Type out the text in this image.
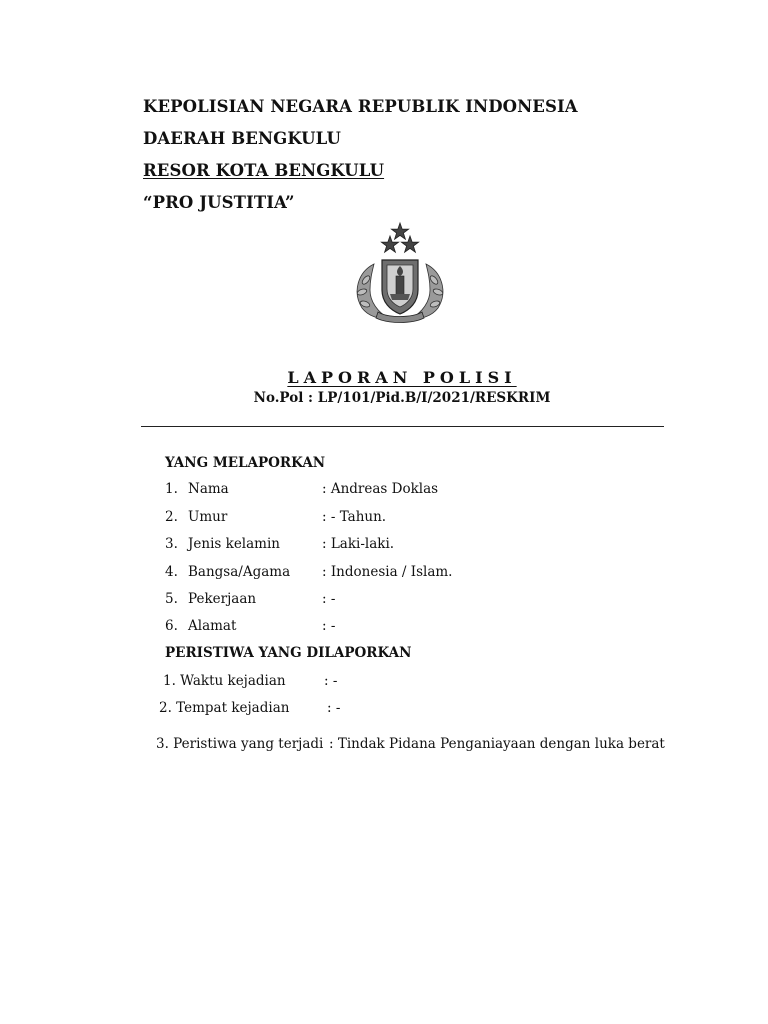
KEPOLISIAN NEGARA REPUBLIK INDONESIA
DAERAH BENGKULU
RESOR KOTA BENGKULU
“PRO JUSTITIA”
LAPORAN POLISI
No.Pol : LP/101/Pid.B/I/2021/RESKRIM
YANG MELAPORKAN
1. Nama	: Andreas Doklas
2. Umur	: - Tahun.
3. Jenis kelamin	: Laki-laki.
4. Bangsa/Agama : Indonesia / Islam.
5. Pekerjaan	: -
6. Alamat	: -
PERISTIWA YANG DILAPORKAN
1. Waktu kejadian	: -
2. Tempat kejadian	: -
3. Peristiwa yang terjadi : Tindak Pidana Penganiayaan dengan luka berat
